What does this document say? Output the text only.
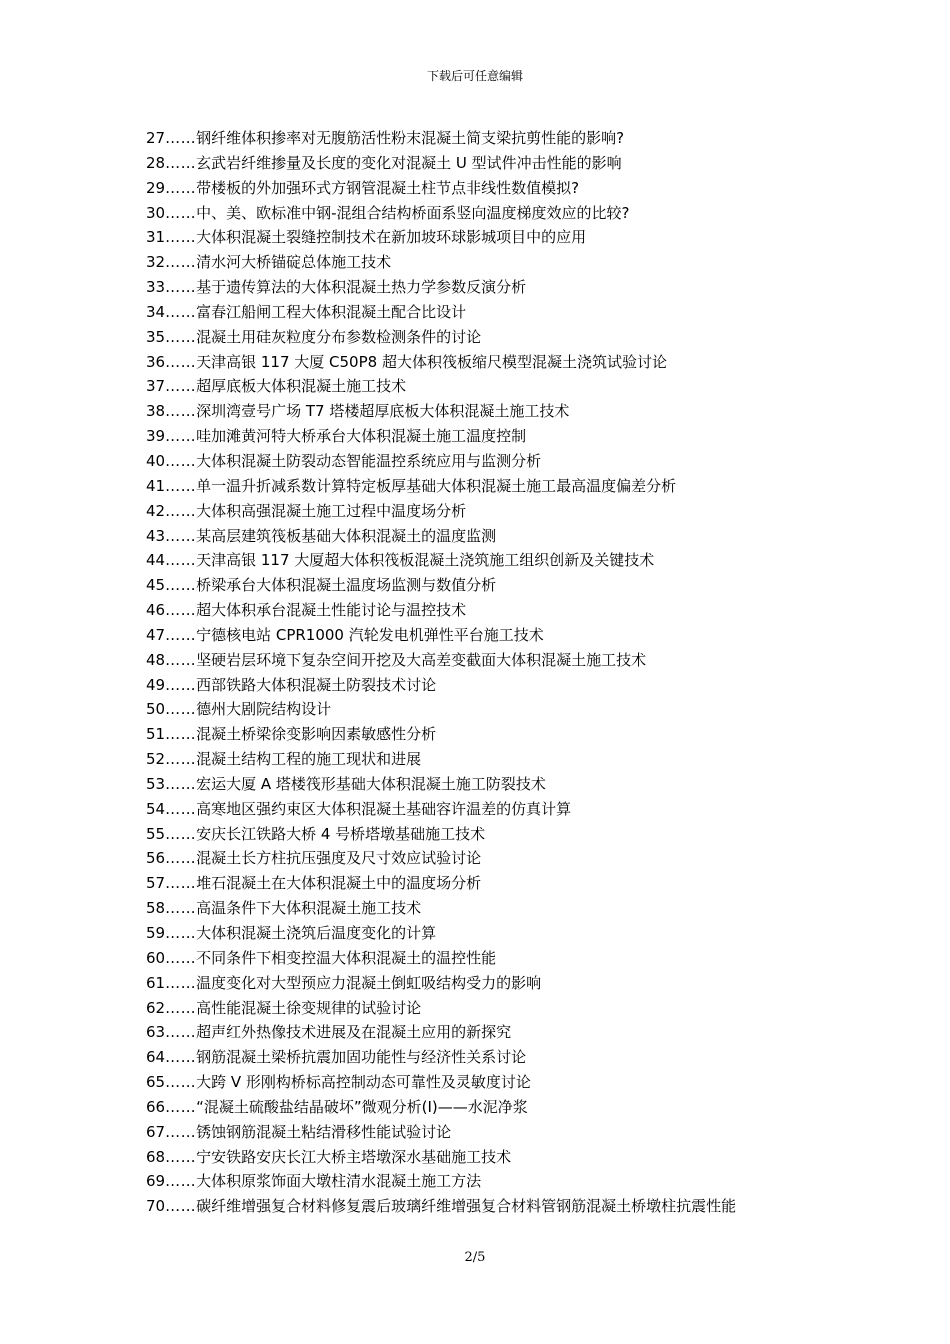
下载后可任意编辑
27……钢纤维体积掺率对无腹筋活性粉末混凝土简支梁抗剪性能的影响?
28……玄武岩纤维掺量及长度的变化对混凝土 U 型试件冲击性能的影响
29……带楼板的外加强环式方钢管混凝土柱节点非线性数值模拟?
30……中、美、欧标准中钢-混组合结构桥面系竖向温度梯度效应的比较?
31……大体积混凝土裂缝控制技术在新加坡环球影城项目中的应用
32……清水河大桥锚碇总体施工技术
33……基于遗传算法的大体积混凝土热力学参数反演分析
34……富春江船闸工程大体积混凝土配合比设计
35……混凝土用硅灰粒度分布参数检测条件的讨论
36……天津高银 117 大厦 C50P8 超大体积筏板缩尺模型混凝土浇筑试验讨论
37……超厚底板大体积混凝土施工技术
38……深圳湾壹号广场 T7 塔楼超厚底板大体积混凝土施工技术
39……哇加滩黄河特大桥承台大体积混凝土施工温度控制
40……大体积混凝土防裂动态智能温控系统应用与监测分析
41……单一温升折减系数计算特定板厚基础大体积混凝土施工最高温度偏差分析
42……大体积高强混凝土施工过程中温度场分析
43……某高层建筑筏板基础大体积混凝土的温度监测
44……天津高银 117 大厦超大体积筏板混凝土浇筑施工组织创新及关键技术
45……桥梁承台大体积混凝土温度场监测与数值分析
46……超大体积承台混凝土性能讨论与温控技术
47……宁德核电站 CPR1000 汽轮发电机弹性平台施工技术
48……坚硬岩层环境下复杂空间开挖及大高差变截面大体积混凝土施工技术
49……西部铁路大体积混凝土防裂技术讨论
50……德州大剧院结构设计
51……混凝土桥梁徐变影响因素敏感性分析
52……混凝土结构工程的施工现状和进展
53……宏运大厦 A 塔楼筏形基础大体积混凝土施工防裂技术
54……高寒地区强约束区大体积混凝土基础容许温差的仿真计算
55……安庆长江铁路大桥 4 号桥塔墩基础施工技术
56……混凝土长方柱抗压强度及尺寸效应试验讨论
57……堆石混凝土在大体积混凝土中的温度场分析
58……高温条件下大体积混凝土施工技术
59……大体积混凝土浇筑后温度变化的计算
60……不同条件下相变控温大体积混凝土的温控性能
61……温度变化对大型预应力混凝土倒虹吸结构受力的影响
62……高性能混凝土徐变规律的试验讨论
63……超声红外热像技术进展及在混凝土应用的新探究
64……钢筋混凝土梁桥抗震加固功能性与经济性关系讨论
65……大跨 V 形刚构桥标高控制动态可靠性及灵敏度讨论
66……“混凝土硫酸盐结晶破坏”微观分析(I)——水泥净浆
67……锈蚀钢筋混凝土粘结滑移性能试验讨论
68……宁安铁路安庆长江大桥主塔墩深水基础施工技术
69……大体积原浆饰面大墩柱清水混凝土施工方法
70……碳纤维增强复合材料修复震后玻璃纤维增强复合材料管钢筋混凝土桥墩柱抗震性能
2/5
